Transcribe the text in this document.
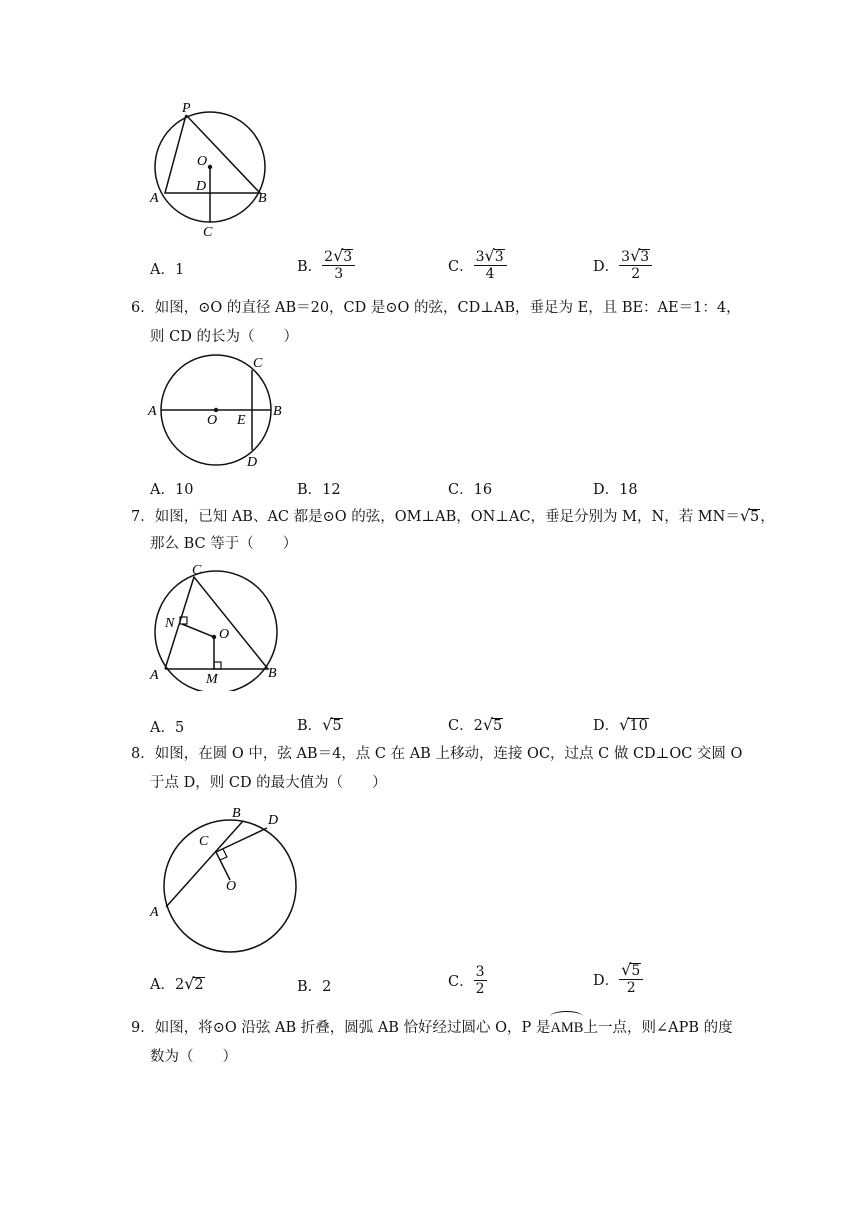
P
O
D
A	B
C
A．1	B． $\frac{2√3}{3}$	C． $\frac{3√3}{4}$	D． $\frac{3√3}{2}$
6．如图，⊙O 的直径 AB＝20，CD 是⊙O 的弦，CD⊥AB，垂足为 E，且 BE：AE＝1：4，
则 CD 的长为（　　）
C
A
O E
B
D
A．10	B．12	C．16	D．18
7．如图，已知 AB、AC 都是⊙O 的弦，OM⊥AB，ON⊥AC，垂足分别为 M，N，若 MN＝√5，
那么 BC 等于（　　）
C
N
O
A	M	B
A．5	B．√5	C．2√5	D．√10
8．如图，在圆 O 中，弦 AB＝4，点 C 在 AB 上移动，连接 OC，过点 C 做 CD⊥OC 交圆 O
于点 D，则 CD 的最大值为（　　）
B D
C
O
A
A．2√2	B．2	C． $\frac{3}{2}$	D． $\frac{√5}{2}$
9．如图，将⊙O 沿弦 AB 折叠，圆弧 AB 恰好经过圆心 O，P 是
AMB上一点，则∠APB 的度
数为（　　）
